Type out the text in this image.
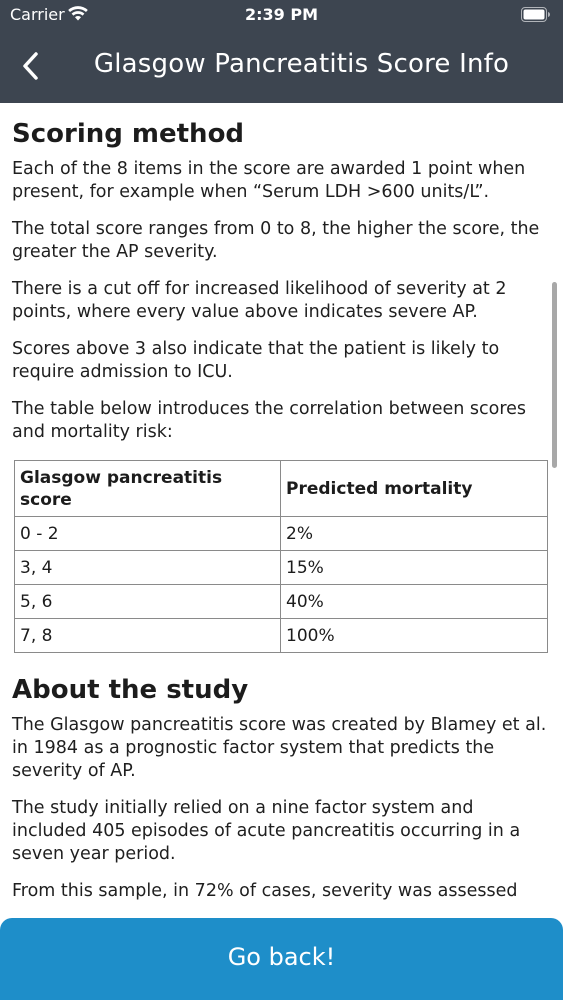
Carrier	2:39 PM
Glasgow Pancreatitis Score Info
Scoring method

Each of the 8 items in the score are awarded 1 point when present, for example when “Serum LDH >600 units/L”.

The total score ranges from 0 to 8, the higher the score, the greater the AP severity.

There is a cut off for increased likelihood of severity at 2 points, where every value above indicates severe AP.

Scores above 3 also indicate that the patient is likely to require admission to ICU.

The table below introduces the correlation between scores and mortality risk:

Glasgow pancreatitis score	Predicted mortality
0 - 2	2%
3, 4	15%
5, 6	40%
7, 8	100%
About the study

The Glasgow pancreatitis score was created by Blamey et al. in 1984 as a prognostic factor system that predicts the severity of AP.

The study initially relied on a nine factor system and included 405 episodes of acute pancreatitis occurring in a seven year period.

From this sample, in 72% of cases, severity was assessed

Go back!
